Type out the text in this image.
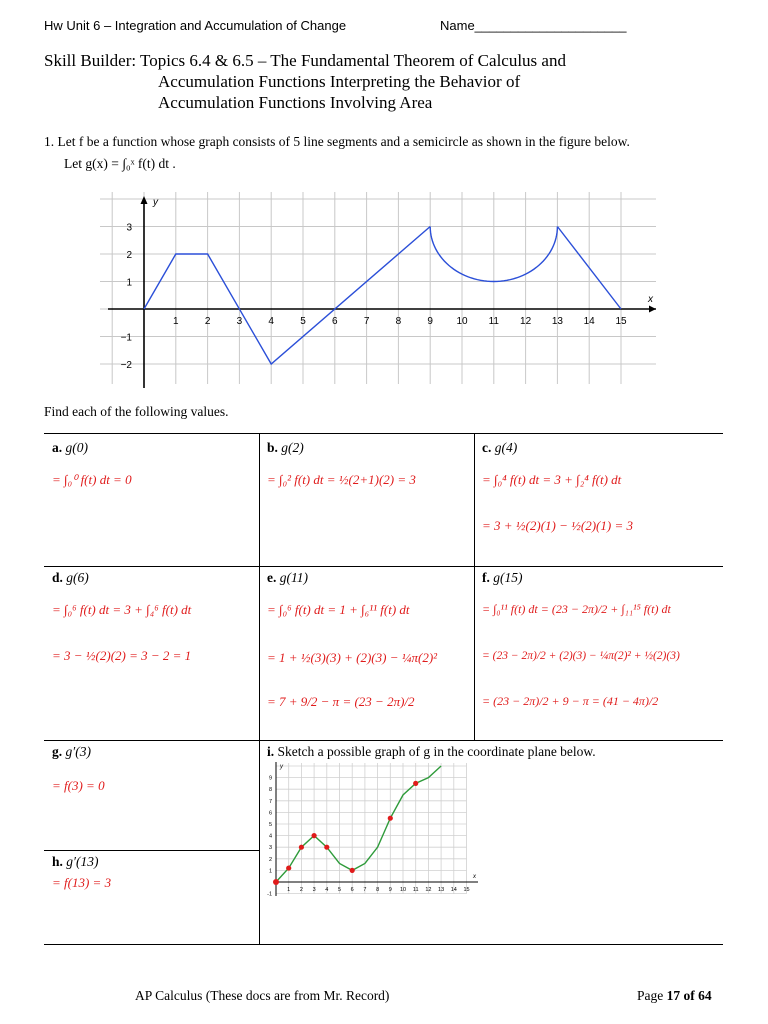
Hw Unit 6 – Integration and Accumulation of Change	Name_____________________
Skill Builder: Topics 6.4 & 6.5 – The Fundamental Theorem of Calculus and
Accumulation Functions Interpreting the Behavior of
Accumulation Functions Involving Area
1. Let f be a function whose graph consists of 5 line segments and a semicircle as shown in the figure below.
Let g(x) = ∫₀ˣ f(t) dt .
x
y
1	2	3	4	5	6	7	8	9 10 11 12 13 14 15
3
2
1
−1
−2
Find each of the following values.
a. g(0)
= ∫₀⁰ f(t) dt = 0
b. g(2)
= ∫₀² f(t) dt = ½(2+1)(2) = 3
c. g(4)
= ∫₀⁴ f(t) dt = 3 + ∫₂⁴ f(t) dt
= 3 + ½(2)(1) − ½(2)(1) = 3
d. g(6)
= ∫₀⁶ f(t) dt = 3 + ∫₄⁶ f(t) dt
= 3 − ½(2)(2) = 3 − 2 = 1
e. g(11)
= ∫₀⁶ f(t) dt = 1 + ∫₆¹¹ f(t) dt
= 1 + ½(3)(3) + (2)(3) − ¼π(2)²
= 7 + 9/2 − π = (23 − 2π)/2
f. g(15)
= ∫₀¹¹ f(t) dt = (23 − 2π)/2 + ∫₁₁¹⁵ f(t) dt
= (23 − 2π)/2 + (2)(3) − ¼π(2)² + ½(2)(3)
= (23 − 2π)/2 + 9 − π = (41 − 4π)/2
g. g′(3)
= f(3) = 0
h. g′(13)
= f(13) = 3
i. Sketch a possible graph of g in the coordinate plane below.
x
y
1 2 3 4 5 6 7 8 9 10 11 12 13 14 15
9
8
7
6
5
4
3
2
1
-1
AP Calculus (These docs are from Mr. Record)	Page 17 of 64
